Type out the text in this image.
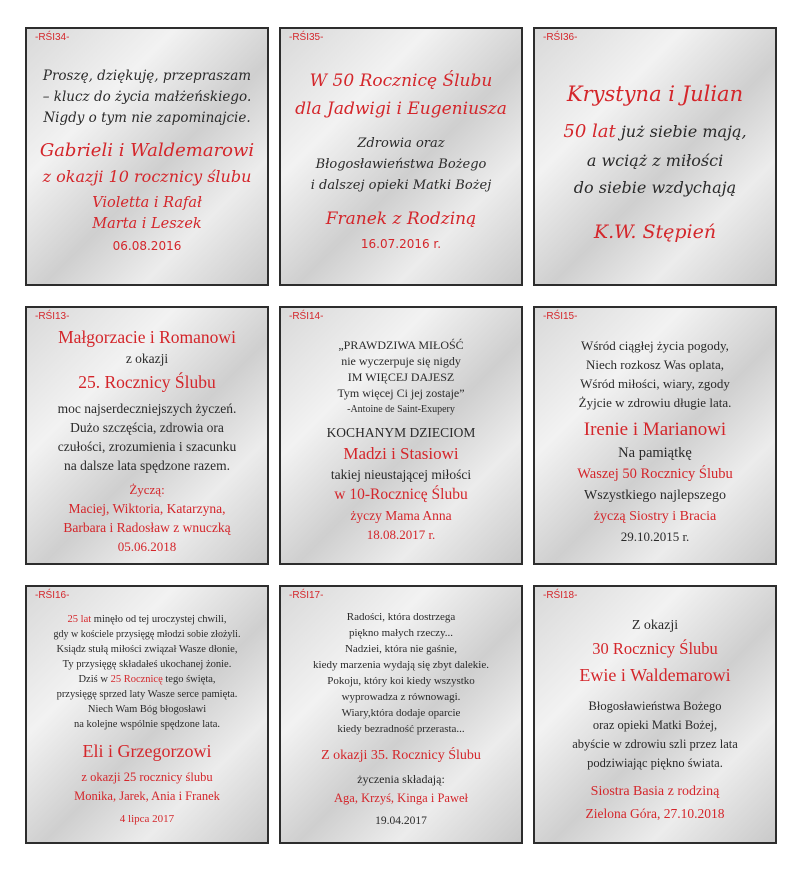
-RŚI34-
Proszę, dziękuję, przepraszam
– klucz do życia małżeńskiego.
Nigdy o tym nie zapominajcie.
Gabrieli i Waldemarowi
z okazji 10 rocznicy ślubu
Violetta i Rafał
Marta i Leszek
06.08.2016
-RŚI35-
W 50 Rocznicę Ślubu
dla Jadwigi i Eugeniusza
Zdrowia oraz
Błogosławieństwa Bożego
i dalszej opieki Matki Bożej
Franek z Rodziną
16.07.2016 r.
-RŚI36-
Krystyna i Julian
50 lat już siebie mają,
a wciąż z miłości
do siebie wzdychają
K.W. Stępień
-RŚI13-
Małgorzacie i Romanowi
z okazji
25. Rocznicy Ślubu
moc najserdeczniejszych życzeń.
Dużo szczęścia, zdrowia ora
czułości, zrozumienia i szacunku
na dalsze lata spędzone razem.
Życzą:
Maciej, Wiktoria, Katarzyna,
Barbara i Radosław z wnuczką
05.06.2018
-RŚI14-
„PRAWDZIWA MIŁOŚĆ
nie wyczerpuje się nigdy
IM WIĘCEJ DAJESZ
Tym więcej Ci jej zostaje”
-Antoine de Saint-Exupery
KOCHANYM DZIECIOM
Madzi i Stasiowi
takiej nieustającej miłości
w 10-Rocznicę Ślubu
życzy Mama Anna
18.08.2017 r.
-RŚI15-
Wśród ciągłej życia pogody,
Niech rozkosz Was oplata,
Wśród miłości, wiary, zgody
Żyjcie w zdrowiu długie lata.
Irenie i Marianowi
Na pamiątkę
Waszej 50 Rocznicy Ślubu
Wszystkiego najlepszego
życzą Siostry i Bracia
29.10.2015 r.
-RŚI16-
25 lat minęło od tej uroczystej chwili,
gdy w kościele przysięgę młodzi sobie złożyli.
Ksiądz stułą miłości związał Wasze dłonie,
Ty przysięgę składałeś ukochanej żonie.
Dziś w 25 Rocznicę tego święta,
przysięgę sprzed laty Wasze serce pamięta.
Niech Wam Bóg błogosławi
na kolejne wspólnie spędzone lata.
Eli i Grzegorzowi
z okazji 25 rocznicy ślubu
Monika, Jarek, Ania i Franek
4 lipca 2017
-RŚI17-
Radości, która dostrzega
piękno małych rzeczy...
Nadziei, która nie gaśnie,
kiedy marzenia wydają się zbyt dalekie.
Pokoju, który koi kiedy wszystko
wyprowadza z równowagi.
Wiary,która dodaje oparcie
kiedy bezradność przerasta...
Z okazji 35. Rocznicy Ślubu
życzenia składają:
Aga, Krzyś, Kinga i Paweł
19.04.2017
-RŚI18-
Z okazji
30 Rocznicy Ślubu
Ewie i Waldemarowi
Błogosławieństwa Bożego
oraz opieki Matki Bożej,
abyście w zdrowiu szli przez lata
podziwiając piękno świata.
Siostra Basia z rodziną
Zielona Góra, 27.10.2018
